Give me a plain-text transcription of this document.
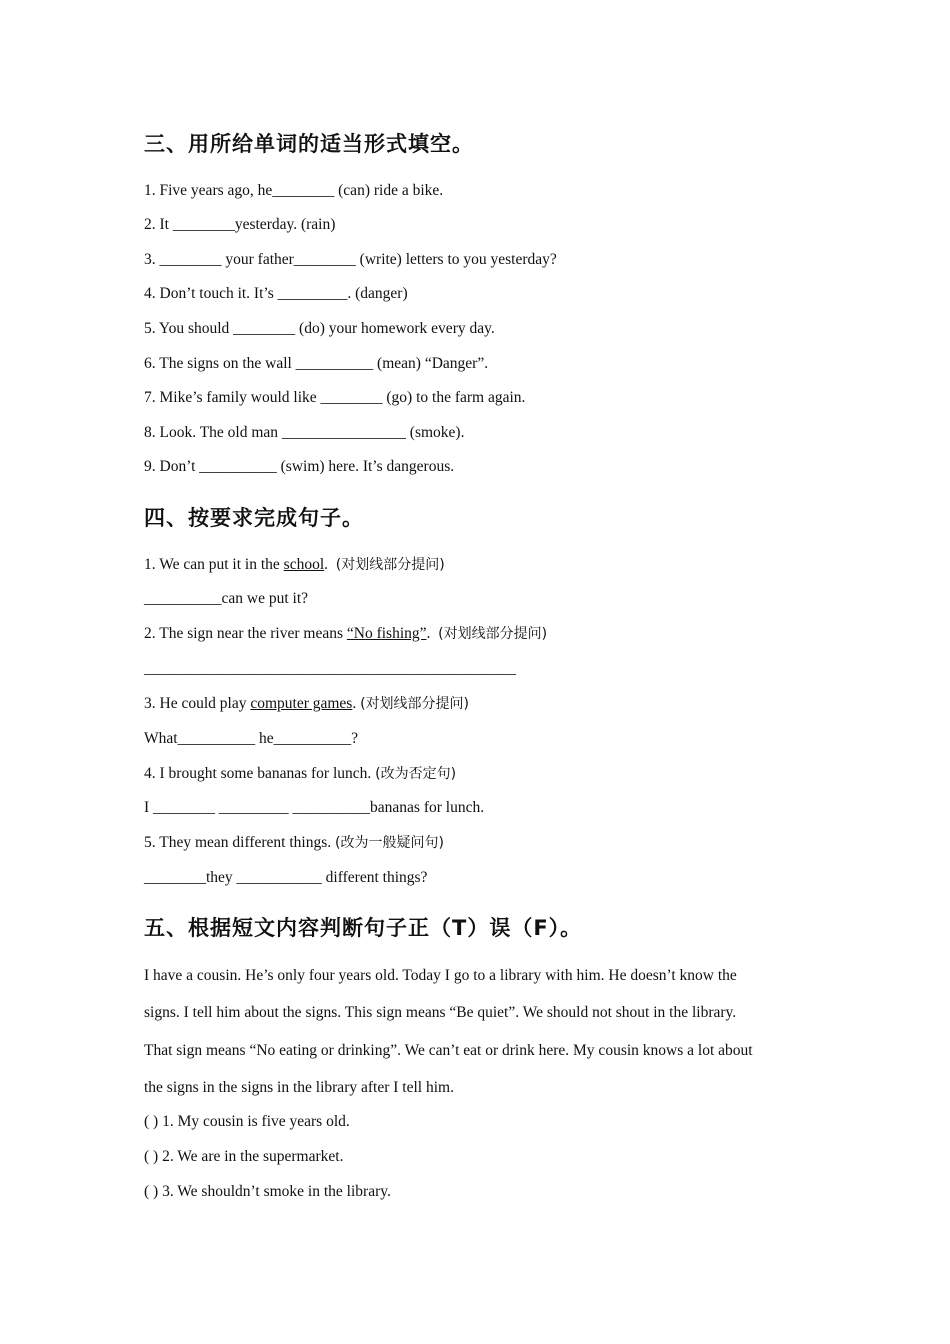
三、用所给单词的适当形式填空。
1. Five years ago, he________ (can) ride a bike.
2. It ________yesterday. (rain)
3. ________ your father________ (write) letters to you yesterday?
4. Don’t touch it. It’s _________. (danger)
5. You should ________ (do) your homework every day.
6. The signs on the wall __________ (mean) “Danger”.
7. Mike’s family would like ________ (go) to the farm again.
8. Look. The old man ________________ (smoke).
9. Don’t __________ (swim) here. It’s dangerous.
四、按要求完成句子。
1. We can put it in the school. (对划线部分提问)
__________can we put it?
2. The sign near the river means “No fishing”. (对划线部分提问)
________________________________________________
3. He could play computer games. (对划线部分提问)
What__________ he__________?
4. I brought some bananas for lunch. (改为否定句)
I ________ _________ __________bananas for lunch.
5. They mean different things. (改为一般疑问句)
________they ___________ different things?
五、根据短文内容判断句子正（T）误（F）。
I have a cousin. He’s only four years old. Today I go to a library with him. He doesn’t know the
signs. I tell him about the signs. This sign means “Be quiet”. We should not shout in the library.
That sign means “No eating or drinking”. We can’t eat or drink here. My cousin knows a lot about
the signs in the signs in the library after I tell him.
( ) 1. My cousin is five years old.
( ) 2. We are in the supermarket.
( ) 3. We shouldn’t smoke in the library.
